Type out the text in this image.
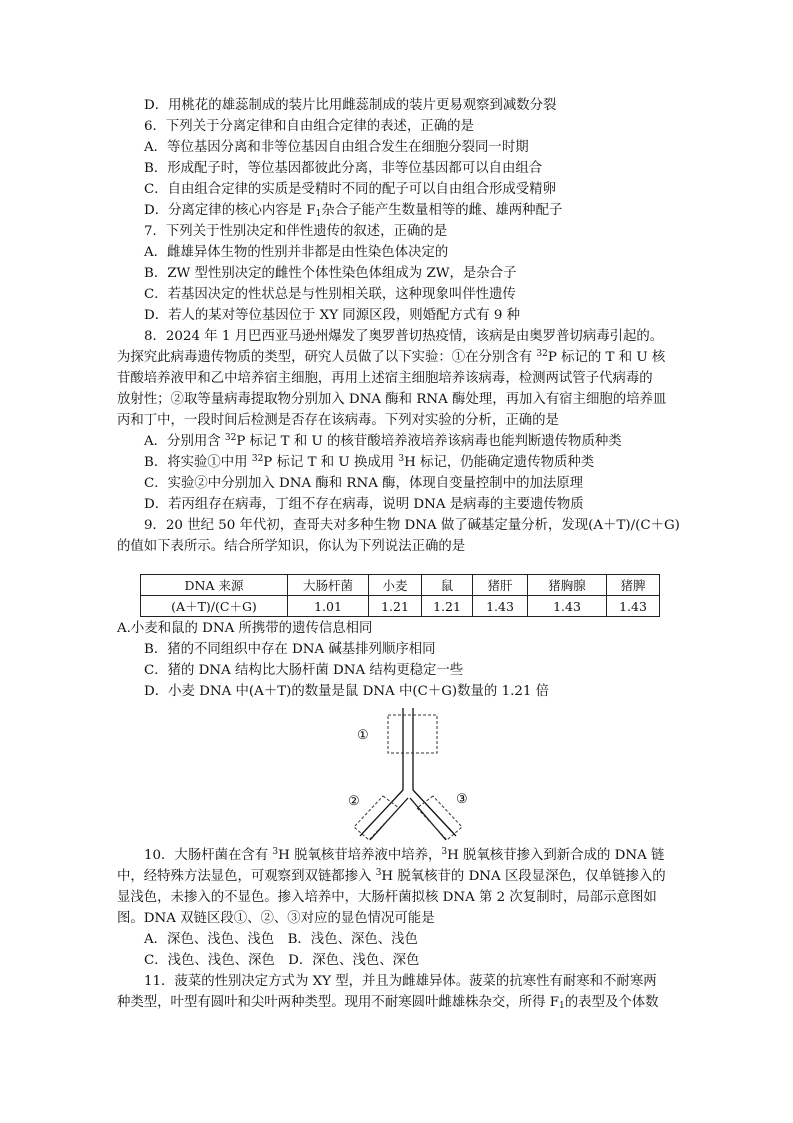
D．用桃花的雄蕊制成的装片比用雌蕊制成的装片更易观察到减数分裂
6．下列关于分离定律和自由组合定律的表述，正确的是
A．等位基因分离和非等位基因自由组合发生在细胞分裂同一时期
B．形成配子时，等位基因都彼此分离，非等位基因都可以自由组合
C．自由组合定律的实质是受精时不同的配子可以自由组合形成受精卵
D．分离定律的核心内容是 $F_1$杂合子能产生数量相等的雌、雄两种配子
7．下列关于性别决定和伴性遗传的叙述，正确的是
A．雌雄异体生物的性别并非都是由性染色体决定的
B．ZW 型性别决定的雌性个体性染色体组成为 ZW，是杂合子
C．若基因决定的性状总是与性别相关联，这种现象叫伴性遗传
D．若人的某对等位基因位于 XY 同源区段，则婚配方式有 9 种
8．2024 年 1 月巴西亚马逊州爆发了奥罗普切热疫情，该病是由奥罗普切病毒引起的。
为探究此病毒遗传物质的类型，研究人员做了以下实验：①在分别含有 $^{32}$P 标记的 T 和 U 核
苷酸培养液甲和乙中培养宿主细胞，再用上述宿主细胞培养该病毒，检测两试管子代病毒的
放射性；②取等量病毒提取物分别加入 DNA 酶和 RNA 酶处理，再加入有宿主细胞的培养皿
丙和丁中，一段时间后检测是否存在该病毒。下列对实验的分析，正确的是
A．分别用含 $^{32}$P 标记 T 和 U 的核苷酸培养液培养该病毒也能判断遗传物质种类
B．将实验①中用 $^{32}$P 标记 T 和 U 换成用 $^3$H 标记，仍能确定遗传物质种类
C．实验②中分别加入 DNA 酶和 RNA 酶，体现自变量控制中的加法原理
D．若丙组存在病毒，丁组不存在病毒，说明 DNA 是病毒的主要遗传物质
9．20 世纪 50 年代初，查哥夫对多种生物 DNA 做了碱基定量分析，发现(A＋T)/(C＋G)
的值如下表所示。结合所学知识，你认为下列说法正确的是
DNA 来源	大肠杆菌	小麦	鼠	猪肝	猪胸腺	猪脾
(A＋T)/(C＋G)	1.01	1.21	1.21	1.43	1.43	1.43
A.小麦和鼠的 DNA 所携带的遗传信息相同
B．猪的不同组织中存在 DNA 碱基排列顺序相同
C．猪的 DNA 结构比大肠杆菌 DNA 结构更稳定一些
D．小麦 DNA 中(A＋T)的数量是鼠 DNA 中(C＋G)数量的 1.21 倍
①
②	③
10．大肠杆菌在含有 $^3$H 脱氧核苷培养液中培养，$^3$H 脱氧核苷掺入到新合成的 DNA 链
中，经特殊方法显色，可观察到双链都掺入 $^3$H 脱氧核苷的 DNA 区段显深色，仅单链掺入的
显浅色，未掺入的不显色。掺入培养中，大肠杆菌拟核 DNA 第 2 次复制时，局部示意图如
图。DNA 双链区段①、②、③对应的显色情况可能是
A．深色、浅色、浅色　B．浅色、深色、浅色
C．浅色、浅色、深色　D．深色、浅色、深色
11．菠菜的性别决定方式为 XY 型，并且为雌雄异体。菠菜的抗寒性有耐寒和不耐寒两
种类型，叶型有圆叶和尖叶两种类型。现用不耐寒圆叶雌雄株杂交，所得 $F_1$的表型及个体数
